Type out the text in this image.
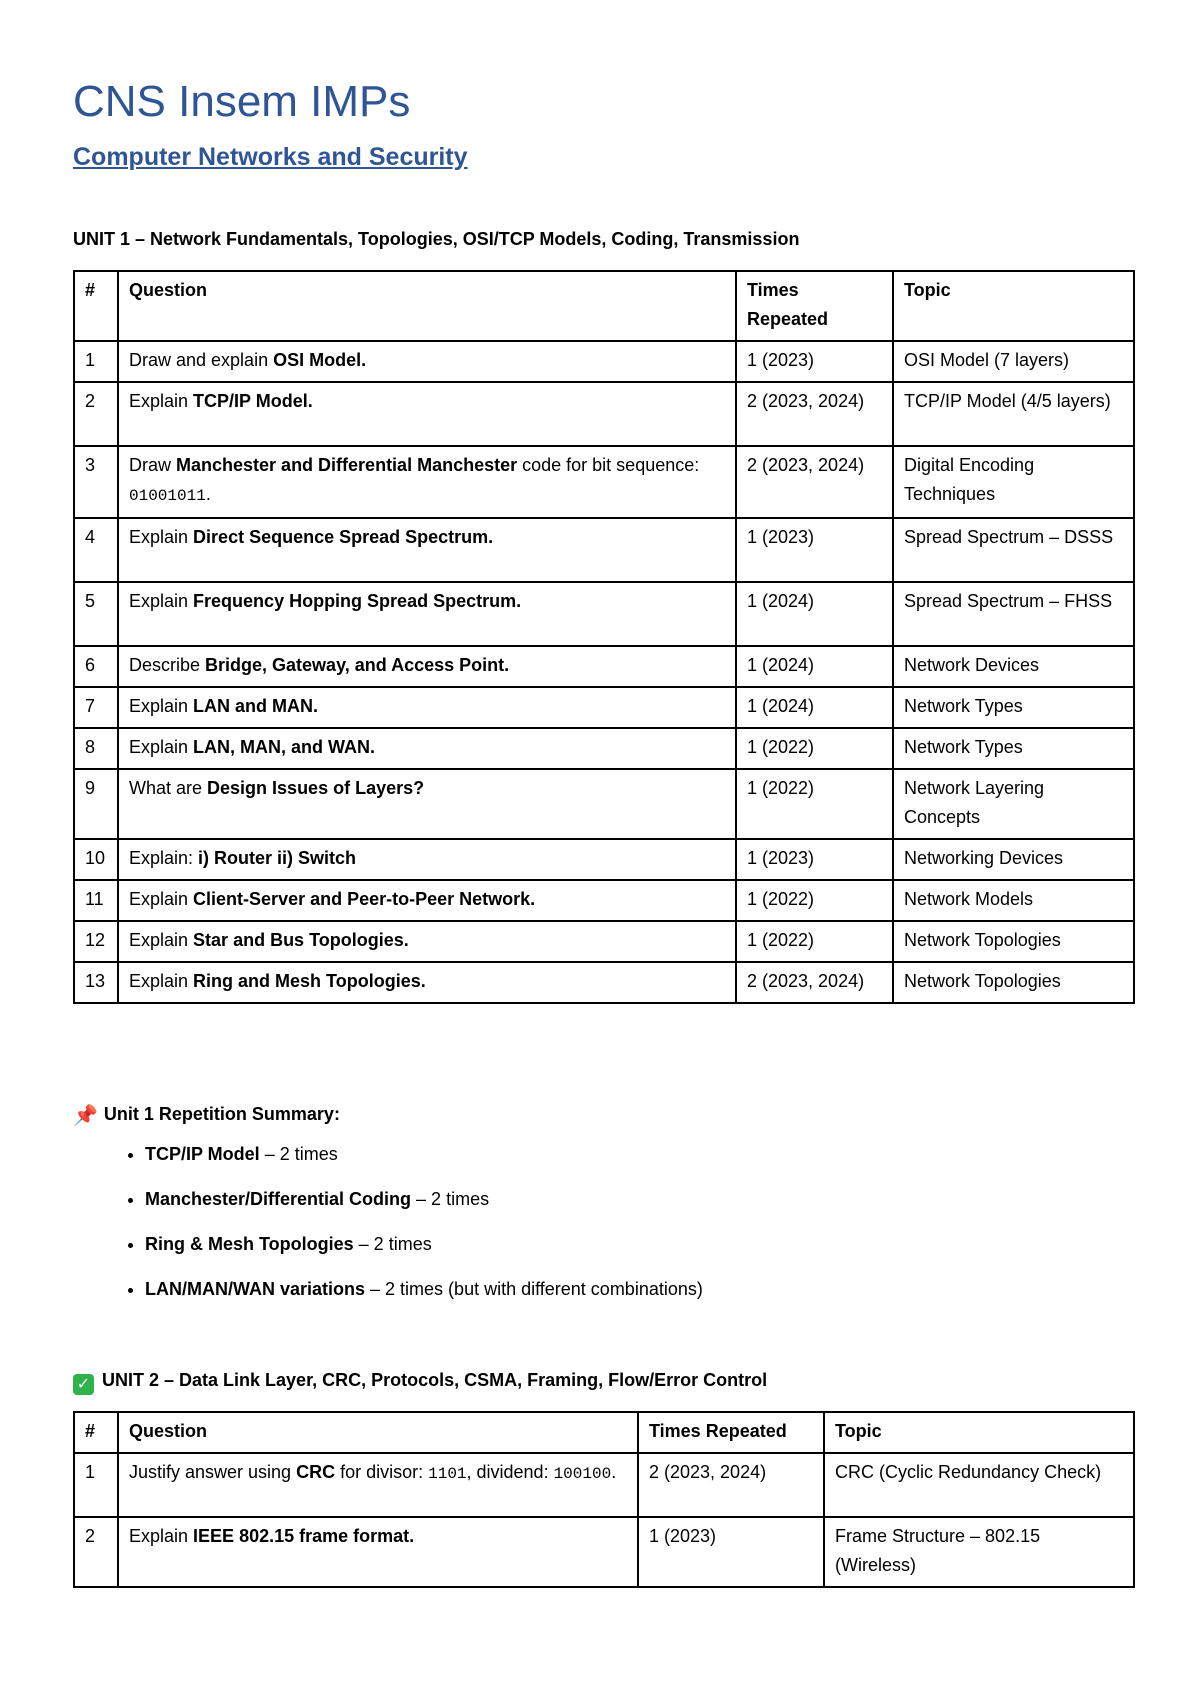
CNS Insem IMPs
Computer Networks and Security

UNIT 1 – Network Fundamentals, Topologies, OSI/TCP Models, Coding, Transmission

#	Question	Times Repeated	Topic
1	Draw and explain OSI Model.	1 (2023)	OSI Model (7 layers)
2	Explain TCP/IP Model.	2 (2023, 2024)	TCP/IP Model (4/5 layers)
3	Draw Manchester and Differential Manchester code for bit sequence: 01001011.	2 (2023, 2024)	Digital Encoding Techniques
4	Explain Direct Sequence Spread Spectrum.	1 (2023)	Spread Spectrum – DSSS
5	Explain Frequency Hopping Spread Spectrum.	1 (2024)	Spread Spectrum – FHSS
6	Describe Bridge, Gateway, and Access Point.	1 (2024)	Network Devices
7	Explain LAN and MAN.	1 (2024)	Network Types
8	Explain LAN, MAN, and WAN.	1 (2022)	Network Types
9	What are Design Issues of Layers?	1 (2022)	Network Layering Concepts
10	Explain: i) Router ii) Switch	1 (2023)	Networking Devices
11	Explain Client-Server and Peer-to-Peer Network.	1 (2022)	Network Models
12	Explain Star and Bus Topologies.	1 (2022)	Network Topologies
13	Explain Ring and Mesh Topologies.	2 (2023, 2024)	Network Topologies

📌 Unit 1 Repetition Summary:

• TCP/IP Model – 2 times
• Manchester/Differential Coding – 2 times
• Ring & Mesh Topologies – 2 times
• LAN/MAN/WAN variations – 2 times (but with different combinations)

✓ UNIT 2 – Data Link Layer, CRC, Protocols, CSMA, Framing, Flow/Error Control

#	Question	Times Repeated	Topic
1	Justify answer using CRC for divisor: 1101, dividend: 100100.	2 (2023, 2024)	CRC (Cyclic Redundancy Check)
2	Explain IEEE 802.15 frame format.	1 (2023)	Frame Structure – 802.15 (Wireless)
